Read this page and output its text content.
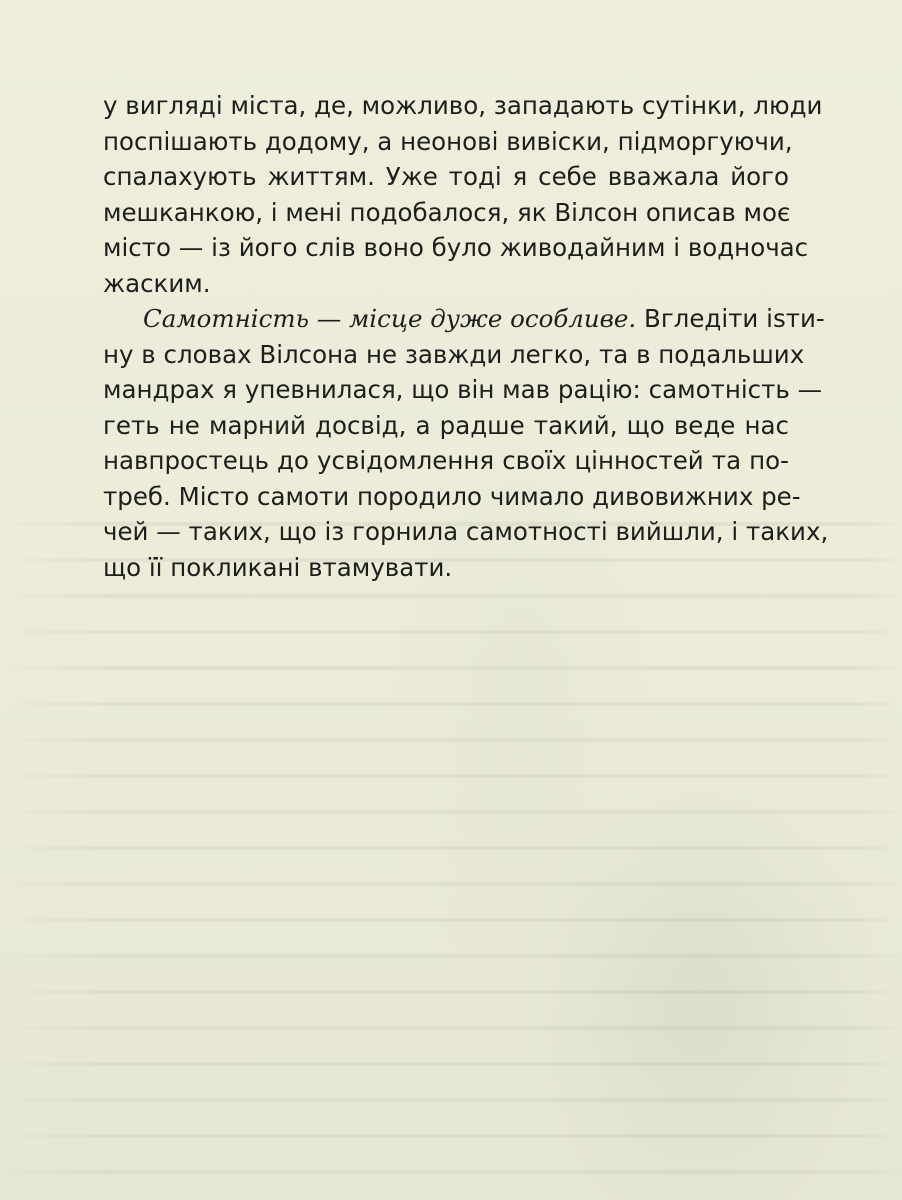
у вигляді міста, де, можливо, западають сутінки, люди
поспішають додому, а неонові вивіски, підморгуючи,
спалахують життям. Уже тоді я себе вважала його
мешканкою, і мені подобалося, як Вілсон описав моє
місто — із його слів воно було живодайним і водночас
жаским.
Самотність — місце дуже особливе. Вгледіти isти-
ну в словах Вілсона не завжди легко, та в подальших
мандрах я упевнилася, що він мав рацію: самотність —
геть не марний досвід, а радше такий, що веде нас
навпростець до усвідомлення своїх цінностей та по-
треб. Місто самоти породило чимало дивовижних ре-
чей — таких, що із горнила самотності вийшли, і таких,
що її покликані втамувати.
